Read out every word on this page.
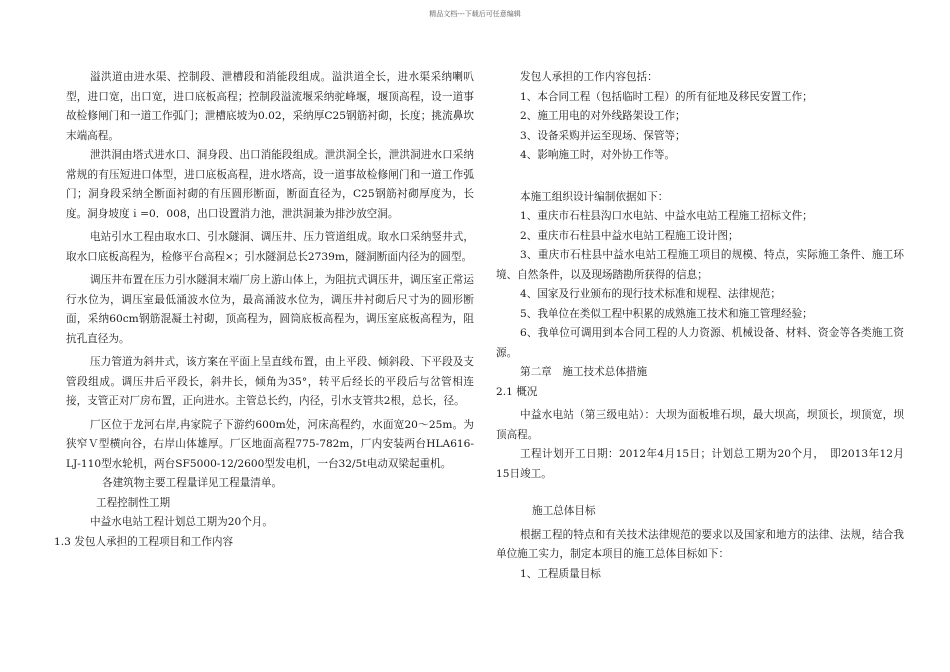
精品文档---下载后可任意编辑

溢洪道由进水渠、控制段、泄槽段和消能段组成。溢洪道全长，进水渠采纳喇叭型，进口宽，出口宽，进口底板高程；控制段溢流堰采纳驼峰堰，堰顶高程，设一道事故检修闸门和一道工作弧门；泄槽底坡为0.02，采纳厚C25钢筋衬砌，长度；挑流鼻坎末端高程。

泄洪洞由塔式进水口、洞身段、出口消能段组成。泄洪洞全长，泄洪洞进水口采纳常规的有压短进口体型，进口底板高程，进水塔高，设一道事故检修闸门和一道工作弧门；洞身段采纳全断面衬砌的有压圆形断面，断面直径为，C25钢筋衬砌厚度为，长度。洞身坡度ｉ=0．008，出口设置消力池，泄洪洞兼为排沙放空洞。

电站引水工程由取水口、引水隧洞、调压井、压力管道组成。取水口采纳竖井式，取水口底板高程为，检修平台高程×；引水隧洞总长2739m，隧洞断面内径为的圆型。

调压井布置在压力引水隧洞末端厂房上游山体上，为阻抗式调压井，调压室正常运行水位为，调压室最低涌波水位为，最高涌波水位为，调压井衬砌后尺寸为的圆形断面，采纳60cm钢筋混凝土衬砌，顶高程为，圆筒底板高程为，调压室底板高程为，阻抗孔直径为。

压力管道为斜井式，该方案在平面上呈直线布置，由上平段、倾斜段、下平段及支管段组成。调压井后平段长，斜井长，倾角为35°，转平后经长的平段后与岔管相连接，支管正对厂房布置，正向进水。主管总长约，内径，引水支管共2根，总长，径。

厂区位于龙河右岸,冉家院子下游约600m处，河床高程约，水面宽20～25m。为狭窄Ｖ型横向谷，右岸山体雄厚。厂区地面高程775-782m，厂内安装两台HLA616-LJ-110型水轮机，两台SF5000-12/2600型发电机，一台32/5t电动双梁起重机。

各建筑物主要工程量详见工程量清单。

工程控制性工期

中益水电站工程计划总工期为20个月。

1.3 发包人承担的工程项目和工作内容

发包人承担的工作内容包括：

1、本合同工程（包括临时工程）的所有征地及移民安置工作；

2、施工用电的对外线路架设工作；

3、设备采购并运至现场、保管等；

4、影响施工时，对外协工作等。

本施工组织设计编制依据如下：

1、重庆市石柱县沟口水电站、中益水电站工程施工招标文件；

2、重庆市石柱县中益水电站工程施工设计图；

3、重庆市石柱县中益水电站工程施工项目的规模、特点，实际施工条件、施工环境、自然条件，以及现场踏勘所获得的信息；

4、国家及行业颁布的现行技术标准和规程、法律规范；

5、我单位在类似工程中积累的成熟施工技术和施工管理经验；

6、我单位可调用到本合同工程的人力资源、机械设备、材料、资金等各类施工资源。

第二章　施工技术总体措施

2.1 概况

中益水电站（第三级电站）：大坝为面板堆石坝，最大坝高，坝顶长，坝顶宽，坝顶高程。

工程计划开工日期：2012年4月15日；计划总工期为20个月，　即2013年12月15日竣工。

施工总体目标

根据工程的特点和有关技术法律规范的要求以及国家和地方的法律、法规，结合我单位施工实力，制定本项目的施工总体目标如下：

1、工程质量目标
